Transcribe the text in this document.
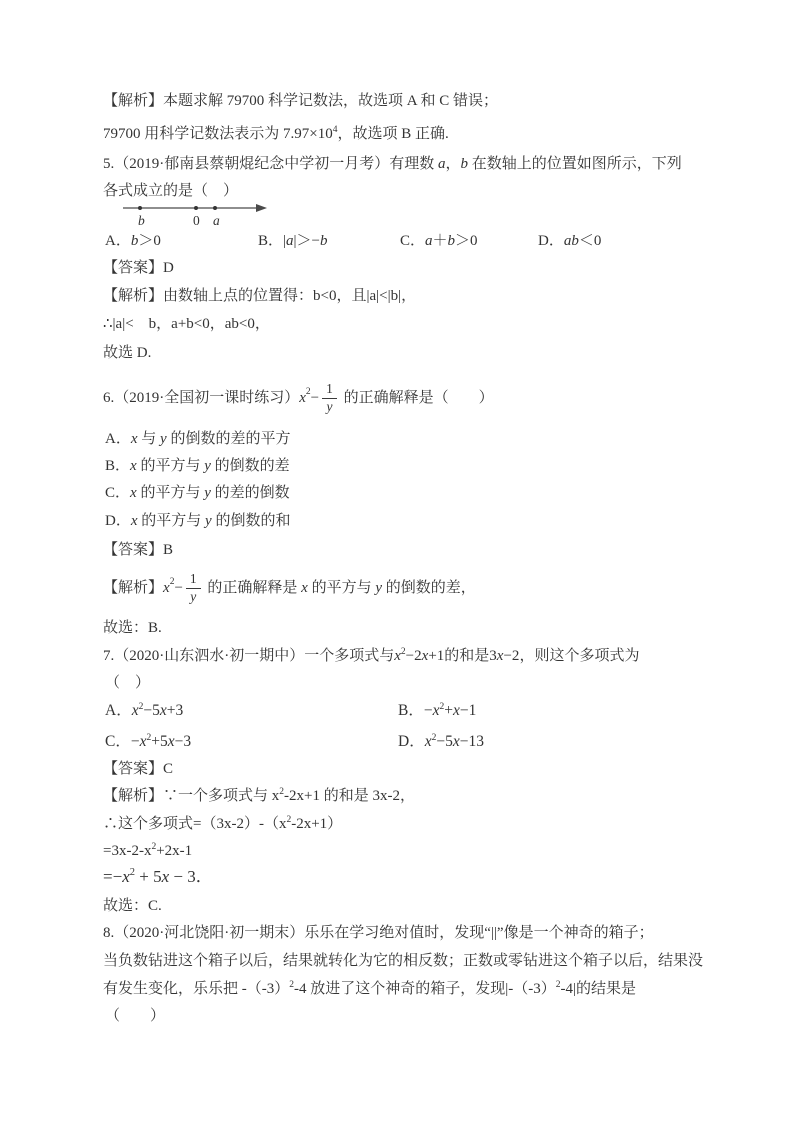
【解析】本题求解 79700 科学记数法，故选项 A 和 C 错误；
79700 用科学记数法表示为 $7.97\times 10^4$，故选项 B 正确.
5.（2019·郁南县蔡朝焜纪念中学初一月考）有理数 a，b 在数轴上的位置如图所示，下列
各式成立的是（　）
b	0 a
A．b＞0	B．|a|＞−b	C．a＋b＞0	D．ab＜0
【答案】D
【解析】由数轴上点的位置得：b<0，且|a|<|b|，
∴|a|<　b，a+b<0，ab<0，
故选 D.
6.（2019·全国初一课时练习） $x^2 - \frac{1}{y}$ 的正确解释是（　　）
A．x 与 y 的倒数的差的平方
B．x 的平方与 y 的倒数的差
C．x 的平方与 y 的差的倒数
D．x 的平方与 y 的倒数的和
【答案】B
【解析】 $x^2 - \frac{1}{y}$ 的正确解释是 x 的平方与 y 的倒数的差，
故选：B.
7.（2020·山东泗水·初一期中）一个多项式与$x^2-2x+1$的和是3x−2，则这个多项式为
（　）
A．$x^2-5x+3$	B．$-x^2+x-1$
C．$-x^2+5x-3$	D．$x^2-5x-13$
【答案】C
【解析】∵一个多项式与 $x^2-2x+1$ 的和是 3x-2，
∴这个多项式$=(3x-2)-(x^2-2x+1)$
$=3x-2-x^2+2x-1$
$=-x^2 + 5x - 3$．
故选：C.
8.（2020·河北饶阳·初一期末）乐乐在学习绝对值时，发现“||”像是一个神奇的箱子；
当负数钻进这个箱子以后，结果就转化为它的相反数；正数或零钻进这个箱子以后，结果没
有发生变化，乐乐把 $-(-3)^2-4$ 放进了这个神奇的箱子，发现$|-(-3)^2-4|$的结果是
（　　）
